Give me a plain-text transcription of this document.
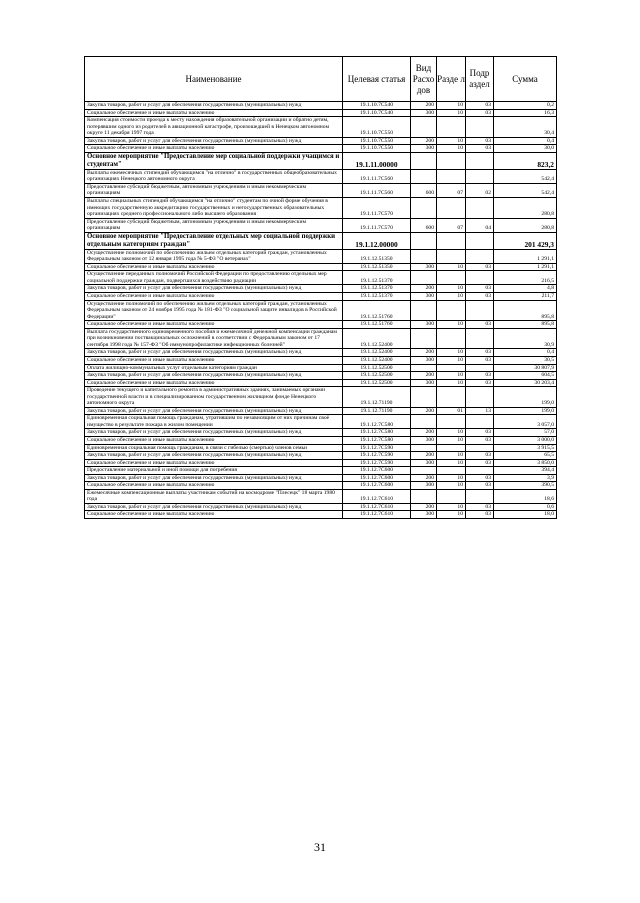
Наименование	Целевая статья	Вид Расхо дов	Разде л	Подр аздел	Сумма
Закупка товаров, работ и услуг для обеспечения государственных (муниципальных) нужд	19.1.10.7С540	200	10	03	0,2
Социальное обеспечение и иные выплаты населению	19.1.10.7С540	300	10	03	16,3
Компенсация стоимости проезда к месту нахождения образовательной организации и обратно детям, потерявшим одного из родителей в авиационной катастрофе, произошедшей в Ненецком автономном округе 11 декабря 1997 года	19.1.10.7С550				30,4
Закупка товаров, работ и услуг для обеспечения государственных (муниципальных) нужд	19.1.10.7С550	200	10	03	0,4
Социальное обеспечение и иные выплаты населению	19.1.10.7С550	300	10	03	30,0
Основное мероприятие "Предоставление мер социальной поддержки учащимся и студентам"	19.1.11.00000				823,2
Выплаты ежемесячных стипендий обучающимся "на отлично" в государственных общеобразовательных организациях Ненецкого автономного округа	19.1.11.7С560				542,4
Предоставление субсидий бюджетным, автономным учреждениям и иным некоммерческим организациям	19.1.11.7С560	600	07	02	542,4
Выплаты специальных стипендий обучающимся "на отлично" студентам по очной форме обучения в имеющих государственную аккредитацию государственных и негосударственных образовательных организациях среднего профессионального либо высшего образования	19.1.11.7С570				280,8
Предоставление субсидий бюджетным, автономным учреждениям и иным некоммерческим организациям	19.1.11.7С570	600	07	04	280,8
Основное мероприятие "Предоставление отдельных мер социальной поддержки отдельным категориям граждан"	19.1.12.00000				201 429,3
Осуществление полномочий по обеспечению жильем отдельных категорий граждан, установленных Федеральным законом от 12 января 1995 года № 5-ФЗ "О ветеранах"	19.1.12.51350				1 291,1
Социальное обеспечение и иные выплаты населению	19.1.12.51350	300	10	03	1 291,1
Осуществление переданных полномочий Российской Федерации по предоставлению отдельных мер социальной поддержки граждан, подвергшихся воздействию радиации	19.1.12.51370				216,5
Закупка товаров, работ и услуг для обеспечения государственных (муниципальных) нужд	19.1.12.51370	200	10	03	4,8
Социальное обеспечение и иные выплаты населению	19.1.12.51370	300	10	03	211,7
Осуществление полномочий по обеспечению жильем отдельных категорий граждан, установленных Федеральным законом от 24 ноября 1995 года № 181-ФЗ "О социальной защите инвалидов в Российской Федерации"	19.1.12.51760				895,8
Социальное обеспечение и иные выплаты населению	19.1.12.51760	300	10	03	895,8
Выплата государственного единовременного пособия и ежемесячной денежной компенсации гражданам при возникновении поствакцинальных осложнений в соответствии с Федеральным законом от 17 сентября 1998 года № 157-ФЗ "Об иммунопрофилактике инфекционных болезней"	19.1.12.52400				30,9
Закупка товаров, работ и услуг для обеспечения государственных (муниципальных) нужд	19.1.12.52400	200	10	03	0,4
Социальное обеспечение и иные выплаты населению	19.1.12.52400	300	10	03	30,5
Оплата жилищно-коммунальных услуг отдельным категориям граждан	19.1.12.52500				30 807,9
Закупка товаров, работ и услуг для обеспечения государственных (муниципальных) нужд	19.1.12.52500	200	10	03	604,5
Социальное обеспечение и иные выплаты населению	19.1.12.52500	300	10	03	30 203,4
Проведение текущего и капитального ремонта в административных зданиях, занимаемых органами государственной власти и в специализированном государственном жилищном фонде Ненецкого автономного округа	19.1.12.71190				199,0
Закупка товаров, работ и услуг для обеспечения государственных (муниципальных) нужд	19.1.12.71190	200	01	13	199,0
Единовременная социальная помощь гражданам, утратившим по независящим от них причинам своё имущество в результате пожара в жилом помещении	19.1.12.7С580				3 057,0
Закупка товаров, работ и услуг для обеспечения государственных (муниципальных) нужд	19.1.12.7С580	200	10	03	57,0
Социальное обеспечение и иные выплаты населению	19.1.12.7С580	300	10	03	3 000,0
Единовременная социальная помощь гражданам, в связи с гибелью (смертью) членов семьи	19.1.12.7С590				3 915,5
Закупка товаров, работ и услуг для обеспечения государственных (муниципальных) нужд	19.1.12.7С590	200	10	03	65,5
Социальное обеспечение и иные выплаты населению	19.1.12.7С590	300	10	03	3 850,0
Предоставление материальной и иной помощи для погребения	19.1.12.7С600				394,4
Закупка товаров, работ и услуг для обеспечения государственных (муниципальных) нужд	19.1.12.7С600	200	10	03	3,9
Социальное обеспечение и иные выплаты населению	19.1.12.7С600	300	10	03	390,5
Ежемесячные компенсационные выплаты участникам событий на космодроме "Плесецк" 18 марта 1980 года	19.1.12.7С610				18,6
Закупка товаров, работ и услуг для обеспечения государственных (муниципальных) нужд	19.1.12.7С610	200	10	03	0,6
Социальное обеспечение и иные выплаты населению	19.1.12.7С610	300	10	03	18,0
31
